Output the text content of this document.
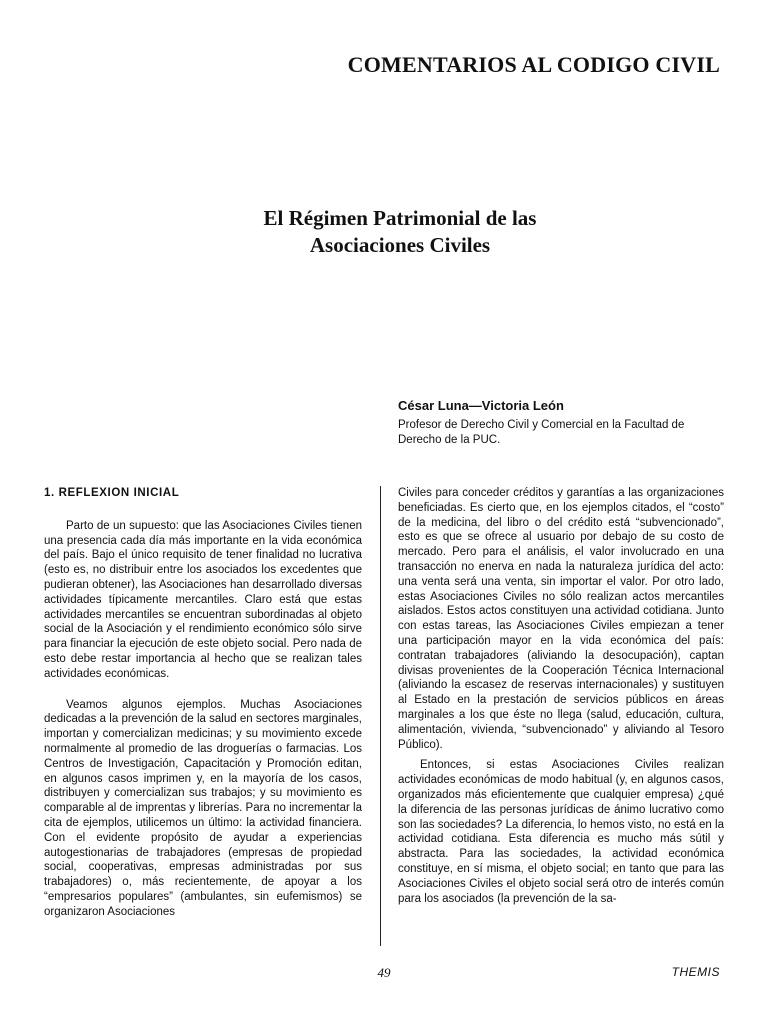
COMENTARIOS AL CODIGO CIVIL
El Régimen Patrimonial de las
Asociaciones Civiles
César Luna—Victoria León
Profesor de Derecho Civil y Comercial en la Facultad de Derecho de la PUC.
1. REFLEXION INICIAL

Parto de un supuesto: que las Asociaciones Civiles tienen una presencia cada día más importante en la vida económica del país. Bajo el único requisito de tener finalidad no lucrativa (esto es, no distribuir entre los asociados los excedentes que pudieran obtener), las Asociaciones han desarrollado diversas actividades típicamente mercantiles. Claro está que estas actividades mercantiles se encuentran subordinadas al objeto social de la Asociación y el rendimiento económico sólo sirve para financiar la ejecución de este objeto social. Pero nada de esto debe restar importancia al hecho que se realizan tales actividades económicas.

Veamos algunos ejemplos. Muchas Asociaciones dedicadas a la prevención de la salud en sectores marginales, importan y comercializan medicinas; y su movimiento excede normalmente al promedio de las droguerías o farmacias. Los Centros de Investigación, Capacitación y Promoción editan, en algunos casos imprimen y, en la mayoría de los casos, distribuyen y comercializan sus trabajos; y su movimiento es comparable al de imprentas y librerías. Para no incrementar la cita de ejemplos, utilicemos un último: la actividad financiera. Con el evidente propósito de ayudar a experiencias autogestionarias de trabajadores (empresas de propiedad social, cooperativas, empresas administradas por sus trabajadores) o, más recientemente, de apoyar a los “empresarios populares” (ambulantes, sin eufemismos) se organizaron Asociaciones

Civiles para conceder créditos y garantías a las organizaciones beneficiadas. Es cierto que, en los ejemplos citados, el “costo” de la medicina, del libro o del crédito está “subvencionado”, esto es que se ofrece al usuario por debajo de su costo de mercado. Pero para el análisis, el valor involucrado en una transacción no enerva en nada la naturaleza jurídica del acto: una venta será una venta, sin importar el valor. Por otro lado, estas Asociaciones Civiles no sólo realizan actos mercantiles aislados. Estos actos constituyen una actividad cotidiana. Junto con estas tareas, las Asociaciones Civiles empiezan a tener una participación mayor en la vida económica del país: contratan trabajadores (aliviando la desocupación), captan divisas provenientes de la Cooperación Técnica Internacional (aliviando la escasez de reservas internacionales) y sustituyen al Estado en la prestación de servicios públicos en áreas marginales a los que éste no llega (salud, educación, cultura, alimentación, vivienda, “subvencionado” y aliviando al Tesoro Público).

Entonces, si estas Asociaciones Civiles realizan actividades económicas de modo habitual (y, en algunos casos, organizados más eficientemente que cualquier empresa) ¿qué la diferencia de las personas jurídicas de ánimo lucrativo como son las sociedades? La diferencia, lo hemos visto, no está en la actividad cotidiana. Esta diferencia es mucho más sútil y abstracta. Para las sociedades, la actividad económica constituye, en sí misma, el objeto social; en tanto que para las Asociaciones Civiles el objeto social será otro de interés común para los asociados (la prevención de la sa-

49	THEMIS
